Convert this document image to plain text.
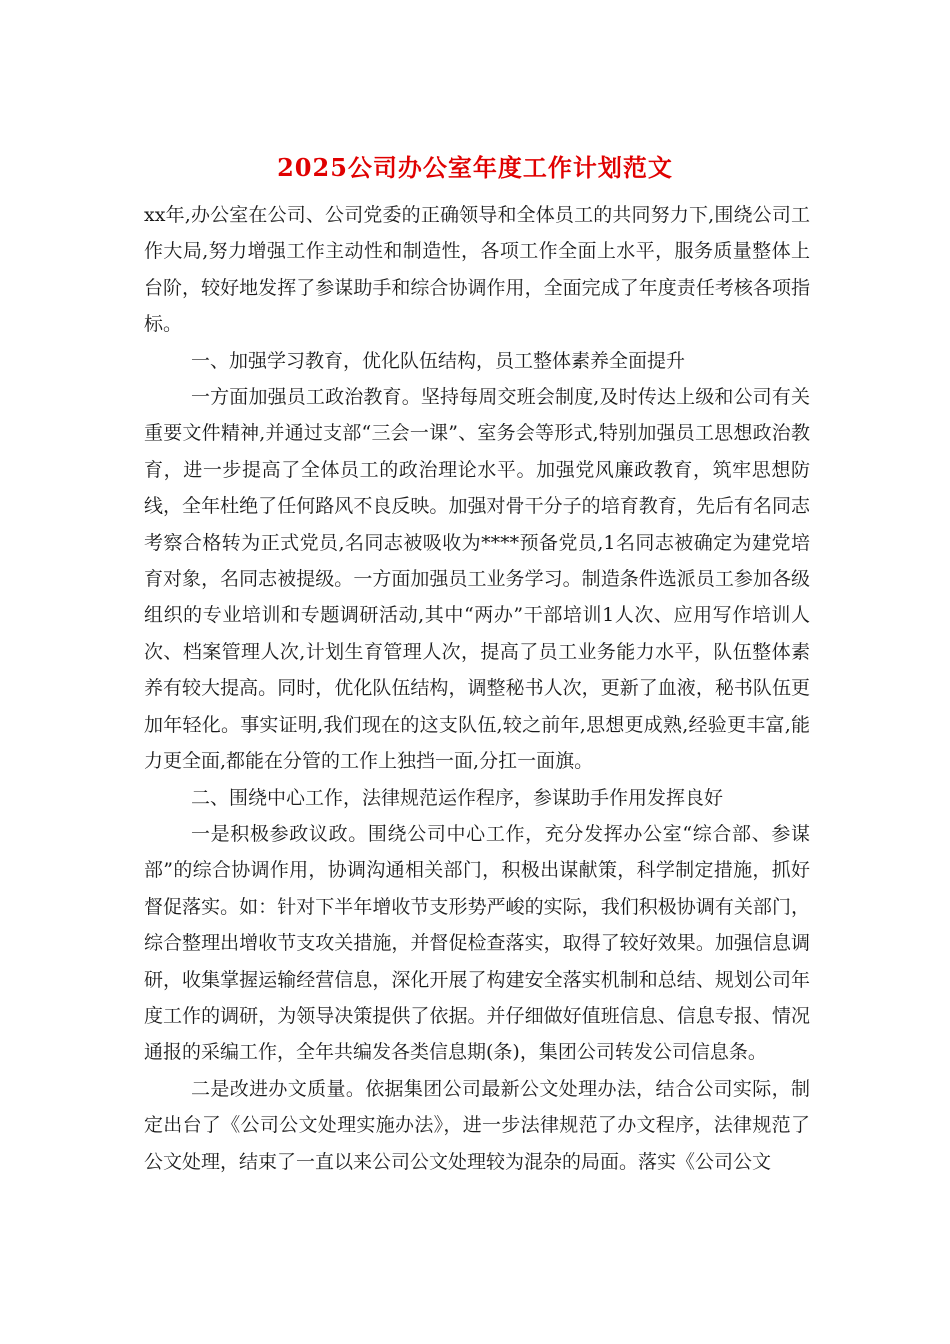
2025公司办公室年度工作计划范文

xx年,办公室在公司、公司党委的正确领导和全体员工的共同努力下,围绕公司工作大局,努力增强工作主动性和制造性，各项工作全面上水平，服务质量整体上台阶，较好地发挥了参谋助手和综合协调作用，全面完成了年度责任考核各项指标。

一、加强学习教育，优化队伍结构，员工整体素养全面提升

一方面加强员工政治教育。坚持每周交班会制度,及时传达上级和公司有关重要文件精神,并通过支部“三会一课”、室务会等形式,特别加强员工思想政治教育，进一步提高了全体员工的政治理论水平。加强党风廉政教育，筑牢思想防线，全年杜绝了任何路风不良反映。加强对骨干分子的培育教育，先后有名同志考察合格转为正式党员,名同志被吸收为****预备党员,1名同志被确定为建党培育对象，名同志被提级。一方面加强员工业务学习。制造条件选派员工参加各级组织的专业培训和专题调研活动,其中“两办”干部培训1人次、应用写作培训人次、档案管理人次,计划生育管理人次，提高了员工业务能力水平，队伍整体素养有较大提高。同时，优化队伍结构，调整秘书人次，更新了血液，秘书队伍更加年轻化。事实证明,我们现在的这支队伍,较之前年,思想更成熟,经验更丰富,能力更全面,都能在分管的工作上独挡一面,分扛一面旗。

二、围绕中心工作，法律规范运作程序，参谋助手作用发挥良好

一是积极参政议政。围绕公司中心工作，充分发挥办公室“综合部、参谋部”的综合协调作用，协调沟通相关部门，积极出谋献策，科学制定措施，抓好督促落实。如：针对下半年增收节支形势严峻的实际，我们积极协调有关部门，综合整理出增收节支攻关措施，并督促检查落实，取得了较好效果。加强信息调研，收集掌握运输经营信息，深化开展了构建安全落实机制和总结、规划公司年度工作的调研，为领导决策提供了依据。并仔细做好值班信息、信息专报、情况通报的采编工作，全年共编发各类信息期(条)，集团公司转发公司信息条。

二是改进办文质量。依据集团公司最新公文处理办法，结合公司实际，制定出台了《公司公文处理实施办法》，进一步法律规范了办文程序，法律规范了公文处理，结束了一直以来公司公文处理较为混杂的局面。落实《公司公文
